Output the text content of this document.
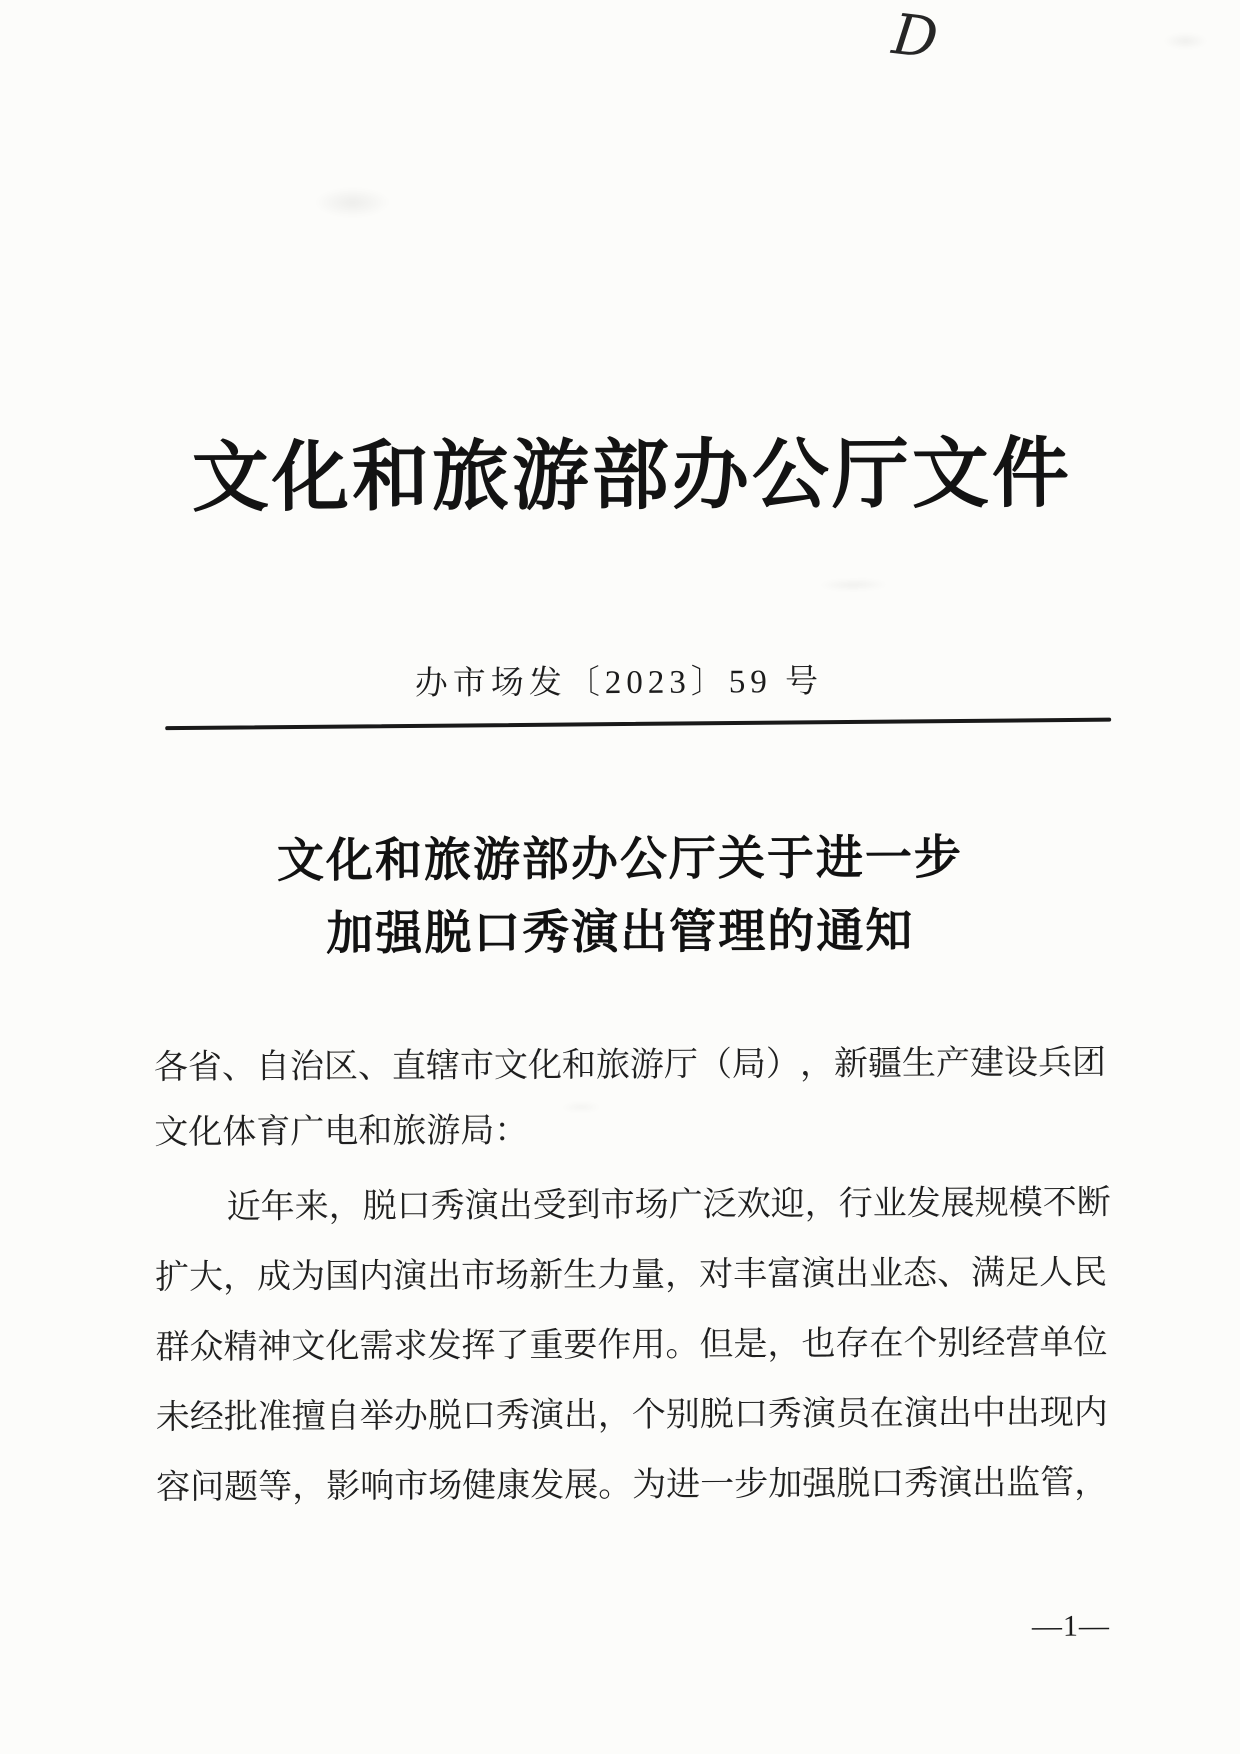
D
文化和旅游部办公厅文件
办市场发〔2023〕59 号
文化和旅游部办公厅关于进一步
加强脱口秀演出管理的通知
各 省 、 自 治 区 、 直 辖 市 文 化 和 旅 游 厅 （ 局 ） ， 新 疆 生 产 建 设 兵 团
文化体育广电和旅游局：
近 年 来 ， 脱 口 秀 演 出 受 到 市 场 广 泛 欢 迎 ， 行 业 发 展 规 模 不 断
扩 大 ， 成 为 国 内 演 出 市 场 新 生 力 量 ， 对 丰 富 演 出 业 态 、 满 足 人 民
群 众 精 神 文 化 需 求 发 挥 了 重 要 作 用 。 但 是 ， 也 存 在 个 别 经 营 单 位
未 经 批 准 擅 自 举 办 脱 口 秀 演 出 ， 个 别 脱 口 秀 演 员 在 演 出 中 出 现 内
容 问 题 等 ， 影 响 市 场 健 康 发 展 。 为 进 一 步 加 强 脱 口 秀 演 出 监 管 ，
—1—
